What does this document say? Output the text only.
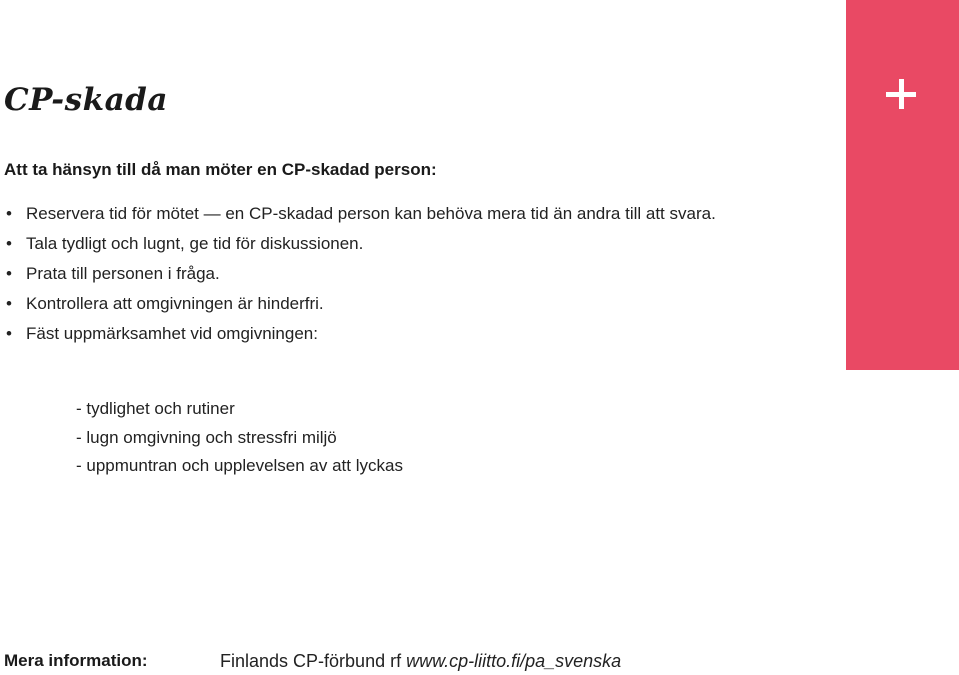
CP-skada

Att ta hänsyn till då man möter en CP-skadad person:

• Reservera tid för mötet — en CP-skadad person kan behöva mera tid än andra till att svara.
• Tala tydligt och lugnt, ge tid för diskussionen.
• Prata till personen i fråga.
• Kontrollera att omgivningen är hinderfri.
• Fäst uppmärksamhet vid omgivningen:
- tydlighet och rutiner
- lugn omgivning och stressfri miljö
- uppmuntran och upplevelsen av att lyckas
Mera information:	Finlands CP-förbund rf www.cp-liitto.fi/pa_svenska
